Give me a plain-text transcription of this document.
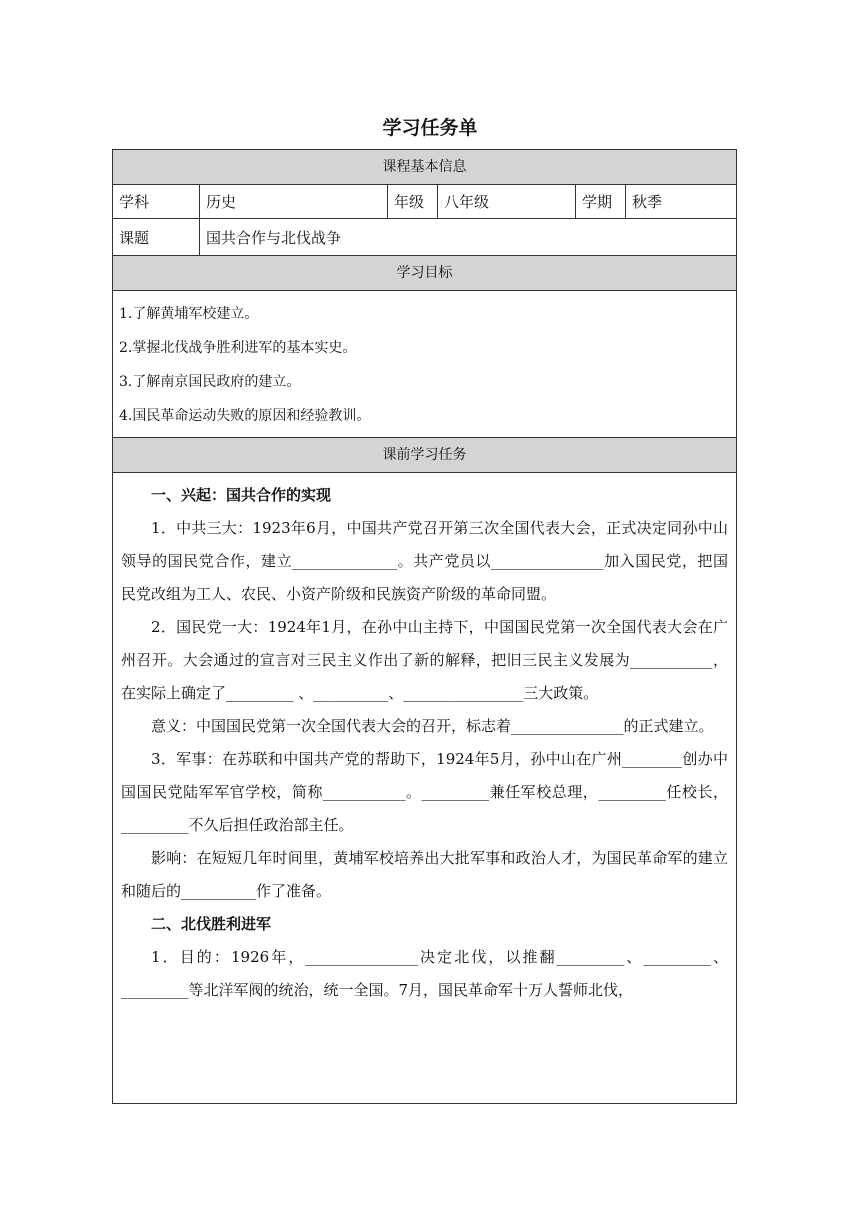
学习任务单
课程基本信息
学科	历史	年级	八年级	学期	秋季
课题	国共合作与北伐战争
学习目标
1.了解黄埔军校建立。
2.掌握北伐战争胜利进军的基本实史。
3.了解南京国民政府的建立。
4.国民革命运动失败的原因和经验教训。
课前学习任务

一、兴起：国共合作的实现

1．中共三大：1923年6月，中国共产党召开第三次全国代表大会，正式决定同孙中山领导的国民党合作，建立______________。共产党员以_______________加入国民党，把国民党改组为工人、农民、小资产阶级和民族资产阶级的革命同盟。

2．国民党一大：1924年1月，在孙中山主持下，中国国民党第一次全国代表大会在广州召开。大会通过的宣言对三民主义作出了新的解释，把旧三民主义发展为___________，在实际上确定了_________ 、__________、________________三大政策。

意义：中国国民党第一次全国代表大会的召开，标志着_______________的正式建立。

3．军事：在苏联和中国共产党的帮助下，1924年5月，孙中山在广州________创办中国国民党陆军军官学校，简称___________。_________兼任军校总理，_________任校长，_________不久后担任政治部主任。

影响：在短短几年时间里，黄埔军校培养出大批军事和政治人才，为国民革命军的建立和随后的__________作了准备。

二、北伐胜利进军

1．目的：1926年，_______________决定北伐，以推翻_________、_________、_________等北洋军阀的统治，统一全国。7月，国民革命军十万人誓师北伐，
